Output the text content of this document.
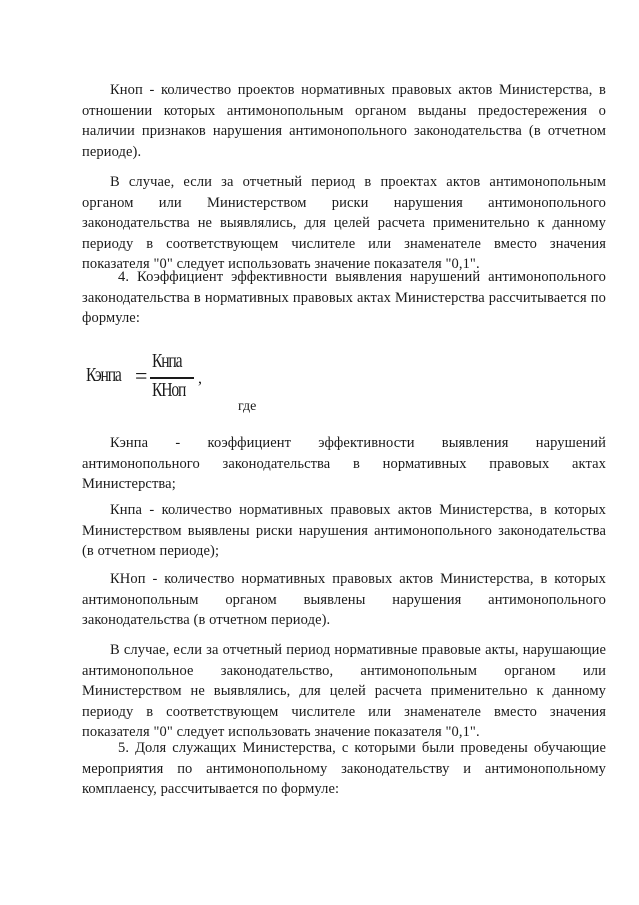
Кноп - количество проектов нормативных правовых актов Министерства, в отношении которых антимонопольным органом выданы предостережения о наличии признаков нарушения антимонопольного законодательства (в отчетном периоде).

В случае, если за отчетный период в проектах актов антимонопольным органом или Министерством риски нарушения антимонопольного законодательства не выявлялись, для целей расчета применительно к данному периоду в соответствующем числителе или знаменателе вместо значения показателя "0" следует использовать значение показателя "0,1".

4. Коэффициент эффективности выявления нарушений антимонопольного законодательства в нормативных правовых актах Министерства рассчитывается по формуле:

Кэнпа =
Кнпа
КНоп
,
где

Кэнпа - коэффициент эффективности выявления нарушений антимонопольного законодательства в нормативных правовых актах Министерства;

Кнпа - количество нормативных правовых актов Министерства, в которых Министерством выявлены риски нарушения антимонопольного законодательства (в отчетном периоде);

КНоп - количество нормативных правовых актов Министерства, в которых антимонопольным органом выявлены нарушения антимонопольного законодательства (в отчетном периоде).

В случае, если за отчетный период нормативные правовые акты, нарушающие антимонопольное законодательство, антимонопольным органом или Министерством не выявлялись, для целей расчета применительно к данному периоду в соответствующем числителе или знаменателе вместо значения показателя "0" следует использовать значение показателя "0,1".

5. Доля служащих Министерства, с которыми были проведены обучающие мероприятия по антимонопольному законодательству и антимонопольному комплаенсу, рассчитывается по формуле:
